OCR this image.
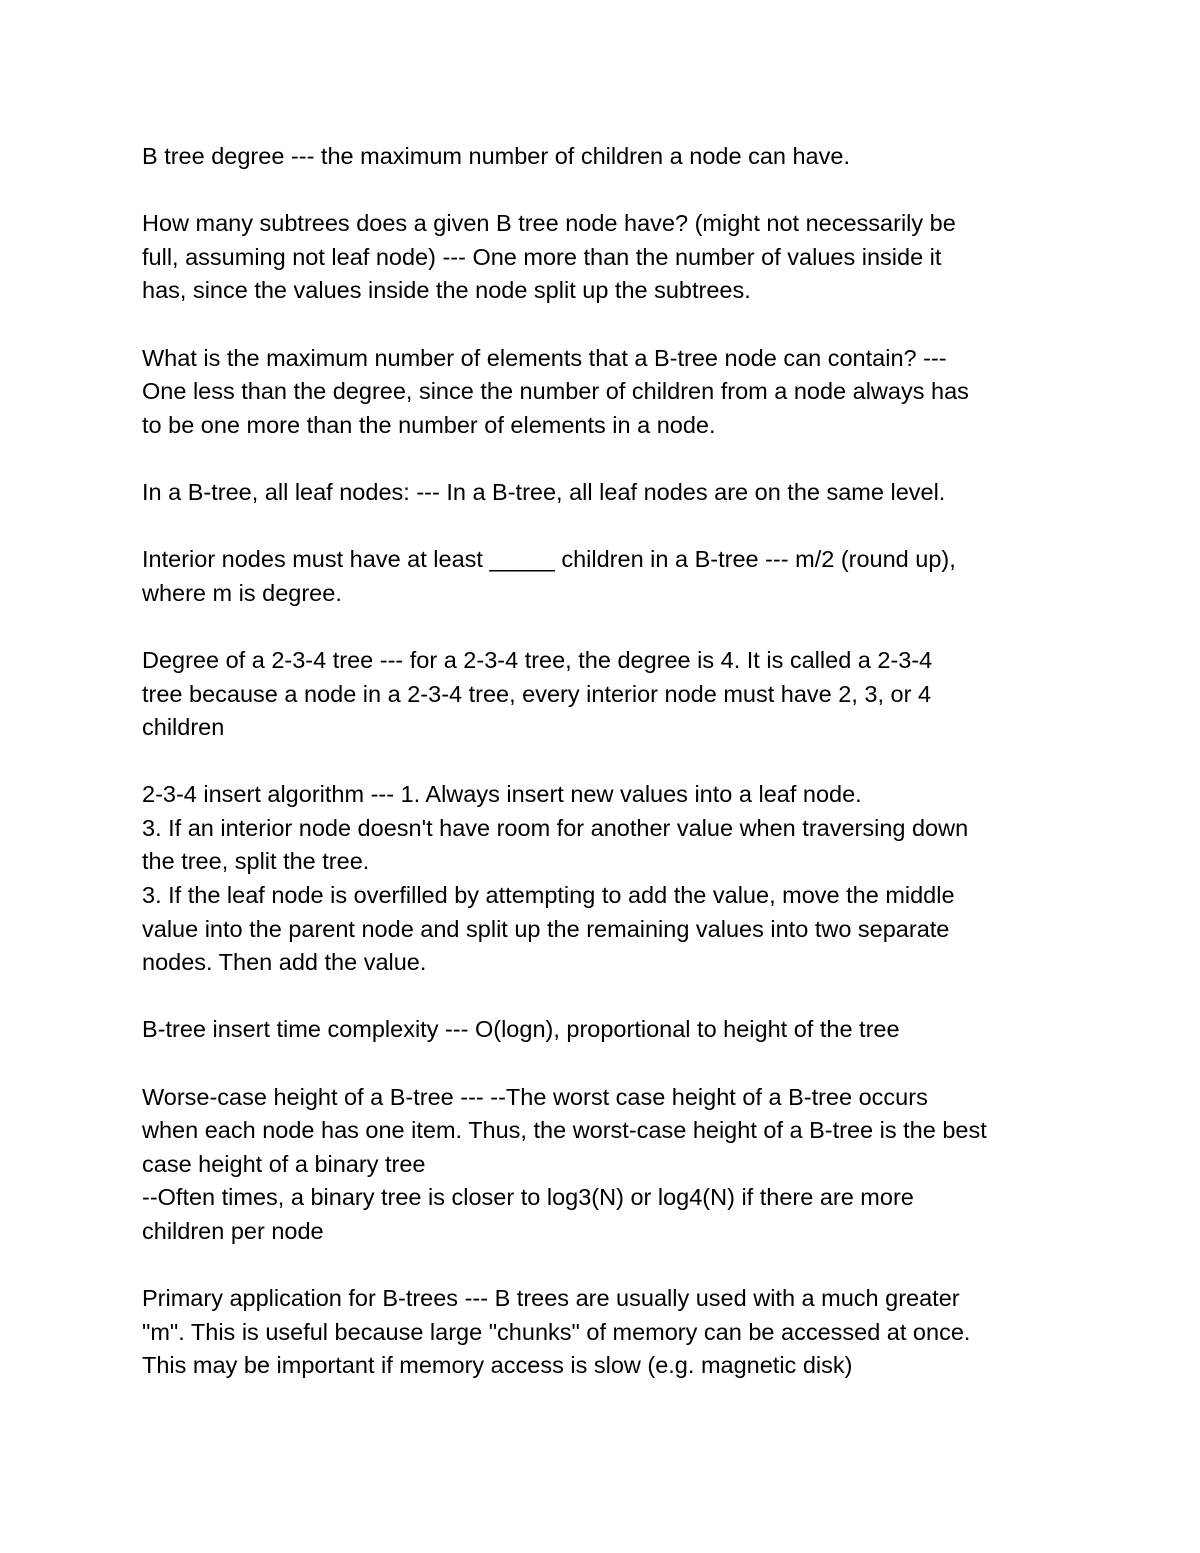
B tree degree --- the maximum number of children a node can have.
How many subtrees does a given B tree node have? (might not necessarily be
full, assuming not leaf node) --- One more than the number of values inside it
has, since the values inside the node split up the subtrees.
What is the maximum number of elements that a B-tree node can contain? ---
One less than the degree, since the number of children from a node always has
to be one more than the number of elements in a node.
In a B-tree, all leaf nodes: --- In a B-tree, all leaf nodes are on the same level.
Interior nodes must have at least _____ children in a B-tree --- m/2 (round up),
where m is degree.
Degree of a 2-3-4 tree --- for a 2-3-4 tree, the degree is 4. It is called a 2-3-4
tree because a node in a 2-3-4 tree, every interior node must have 2, 3, or 4
children
2-3-4 insert algorithm --- 1. Always insert new values into a leaf node.
3. If an interior node doesn't have room for another value when traversing down
the tree, split the tree.
3. If the leaf node is overfilled by attempting to add the value, move the middle
value into the parent node and split up the remaining values into two separate
nodes. Then add the value.
B-tree insert time complexity --- O(logn), proportional to height of the tree
Worse-case height of a B-tree --- --The worst case height of a B-tree occurs
when each node has one item. Thus, the worst-case height of a B-tree is the best
case height of a binary tree
--Often times, a binary tree is closer to log3(N) or log4(N) if there are more
children per node
Primary application for B-trees --- B trees are usually used with a much greater
"m". This is useful because large "chunks" of memory can be accessed at once.
This may be important if memory access is slow (e.g. magnetic disk)
